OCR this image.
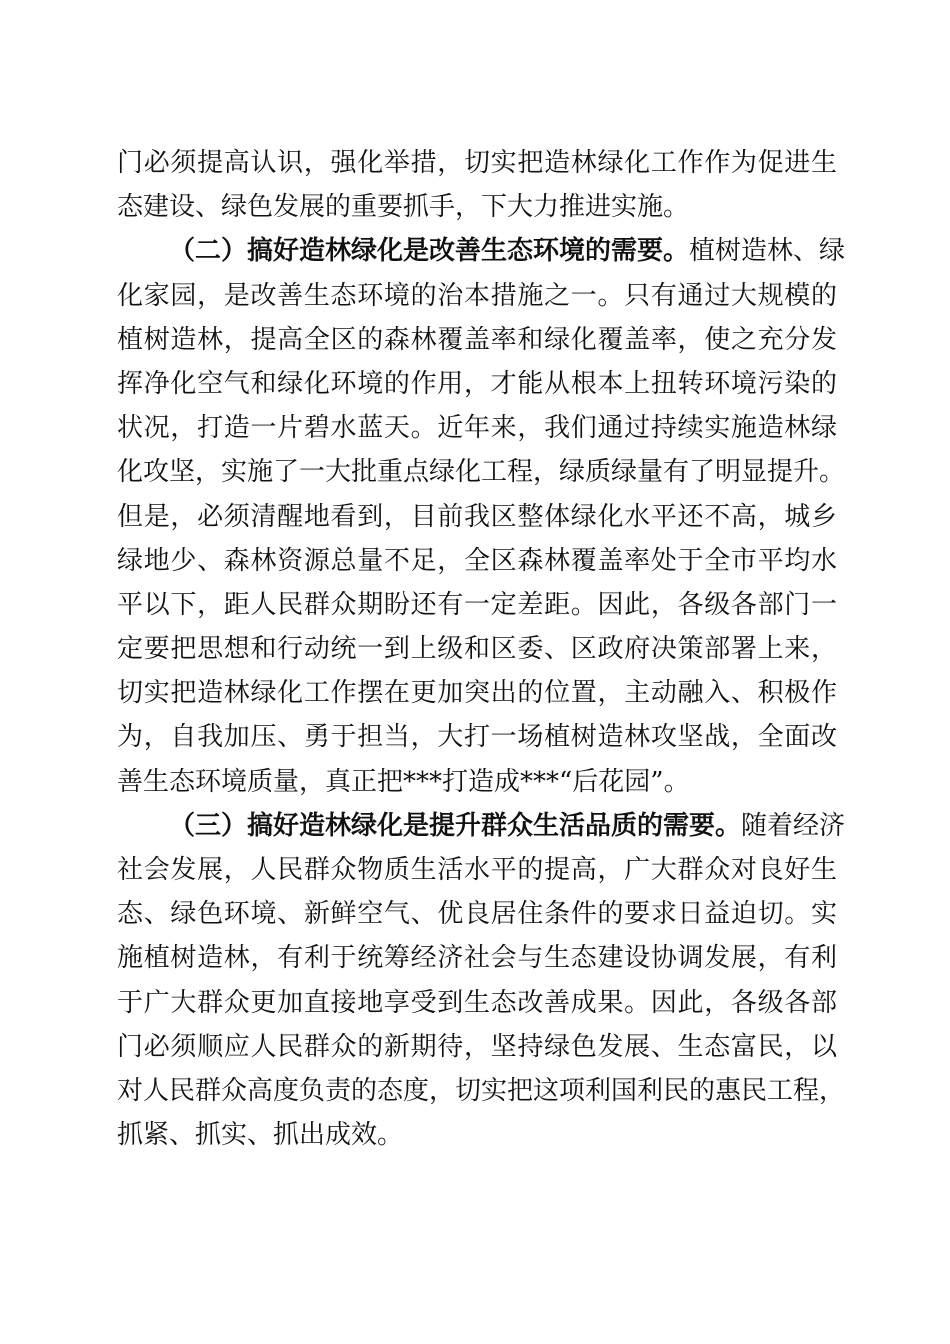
门必须提高认识，强化举措，切实把造林绿化工作作为促进生
态建设、绿色发展的重要抓手，下大力推进实施。
（二）搞好造林绿化是改善生态环境的需要。植树造林、绿
化家园，是改善生态环境的治本措施之一。只有通过大规模的
植树造林，提高全区的森林覆盖率和绿化覆盖率，使之充分发
挥净化空气和绿化环境的作用，才能从根本上扭转环境污染的
状况，打造一片碧水蓝天。近年来，我们通过持续实施造林绿
化攻坚，实施了一大批重点绿化工程，绿质绿量有了明显提升。
但是，必须清醒地看到，目前我区整体绿化水平还不高，城乡
绿地少、森林资源总量不足，全区森林覆盖率处于全市平均水
平以下，距人民群众期盼还有一定差距。因此，各级各部门一
定要把思想和行动统一到上级和区委、区政府决策部署上来，
切实把造林绿化工作摆在更加突出的位置，主动融入、积极作
为，自我加压、勇于担当，大打一场植树造林攻坚战，全面改
善生态环境质量，真正把***打造成***“后花园”。
（三）搞好造林绿化是提升群众生活品质的需要。随着经济
社会发展，人民群众物质生活水平的提高，广大群众对良好生
态、绿色环境、新鲜空气、优良居住条件的要求日益迫切。实
施植树造林，有利于统筹经济社会与生态建设协调发展，有利
于广大群众更加直接地享受到生态改善成果。因此，各级各部
门必须顺应人民群众的新期待，坚持绿色发展、生态富民，以
对人民群众高度负责的态度，切实把这项利国利民的惠民工程，
抓紧、抓实、抓出成效。
